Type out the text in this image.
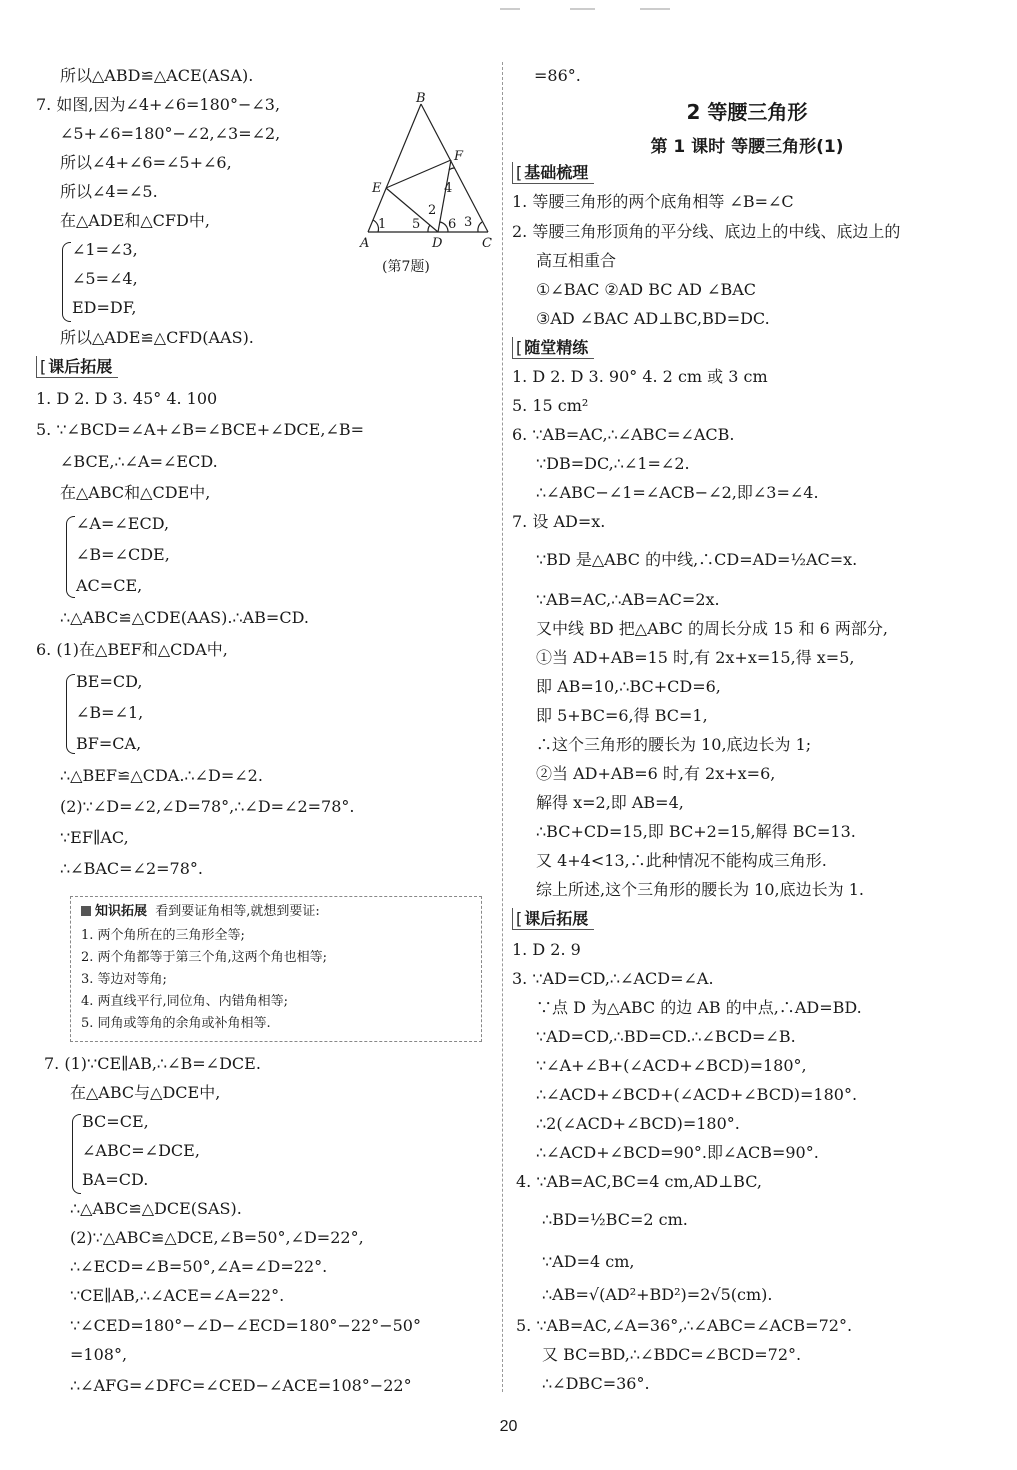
所以△ABD≌△ACE(ASA).
7. 如图,因为∠4+∠6=180°−∠3,
∠5+∠6=180°−∠2,∠3=∠2,
所以∠4+∠6=∠5+∠6,
所以∠4=∠5.
在△ADE和△CFD中,
∠1=∠3,
∠5=∠4,
ED=DF,
所以△ADE≌△CFD(AAS).
[ 课后拓展
1. D 2. D 3. 45° 4. 100
5. ∵∠BCD=∠A+∠B=∠BCE+∠DCE,∠B=
∠BCE,∴∠A=∠ECD.
在△ABC和△CDE中,
∠A=∠ECD,
∠B=∠CDE,
AC=CE,
∴△ABC≌△CDE(AAS).∴AB=CD.
6. (1)在△BEF和△CDA中,
BE=CD,
∠B=∠1,
BF=CA,
∴△BEF≌△CDA.∴∠D=∠2.
(2)∵∠D=∠2,∠D=78°,∴∠D=∠2=78°.
∵EF∥AC,
∴∠BAC=∠2=78°.
7. (1)∵CE∥AB,∴∠B=∠DCE.
在△ABC与△DCE中,
BC=CE,
∠ABC=∠DCE,
BA=CD.
∴△ABC≌△DCE(SAS).
(2)∵△ABC≌△DCE,∠B=50°,∠D=22°,
∴∠ECD=∠B=50°,∠A=∠D=22°.
∵CE∥AB,∴∠ACE=∠A=22°.
∵∠CED=180°−∠D−∠ECD=180°−22°−50°
=108°,
∴∠AFG=∠DFC=∠CED−∠ACE=108°−22°
B
F
E	4
2
1 5 6 3
A	D	C
(第7题)
知识拓展 看到要证角相等,就想到要证:
1. 两个角所在的三角形全等;
2. 两个角都等于第三个角,这两个角也相等;
3. 等边对等角;
4. 两直线平行,同位角、内错角相等;
5. 同角或等角的余角或补角相等.
=86°.
2 等腰三角形
第 1 课时 等腰三角形(1)
[ 基础梳理
1. 等腰三角形的两个底角相等 ∠B=∠C
2. 等腰三角形顶角的平分线、底边上的中线、底边上的
高互相重合
①∠BAC ②AD BC AD ∠BAC
③AD ∠BAC AD⊥BC,BD=DC.
[ 随堂精练
1. D 2. D 3. 90° 4. 2 cm 或 3 cm
5. 15 cm²
6. ∵AB=AC,∴∠ABC=∠ACB.
∵DB=DC,∴∠1=∠2.
∴∠ABC−∠1=∠ACB−∠2,即∠3=∠4.
7. 设 AD=x.
∵BD 是△ABC 的中线,∴CD=AD=½AC=x.
∵AB=AC,∴AB=AC=2x.
又中线 BD 把△ABC 的周长分成 15 和 6 两部分,
①当 AD+AB=15 时,有 2x+x=15,得 x=5,
即 AB=10,∴BC+CD=6,
即 5+BC=6,得 BC=1,
∴这个三角形的腰长为 10,底边长为 1;
②当 AD+AB=6 时,有 2x+x=6,
解得 x=2,即 AB=4,
∴BC+CD=15,即 BC+2=15,解得 BC=13.
又 4+4<13,∴此种情况不能构成三角形.
综上所述,这个三角形的腰长为 10,底边长为 1.
[ 课后拓展
1. D 2. 9
3. ∵AD=CD,∴∠ACD=∠A.
∵点 D 为△ABC 的边 AB 的中点,∴AD=BD.
∵AD=CD,∴BD=CD.∴∠BCD=∠B.
∵∠A+∠B+(∠ACD+∠BCD)=180°,
∴∠ACD+∠BCD+(∠ACD+∠BCD)=180°.
∴2(∠ACD+∠BCD)=180°.
∴∠ACD+∠BCD=90°.即∠ACB=90°.
4. ∵AB=AC,BC=4 cm,AD⊥BC,
∴BD=½BC=2 cm.
∵AD=4 cm,
∴AB=√(AD²+BD²)=2√5(cm).
5. ∵AB=AC,∠A=36°,∴∠ABC=∠ACB=72°.
又 BC=BD,∴∠BDC=∠BCD=72°.
∴∠DBC=36°.
20
